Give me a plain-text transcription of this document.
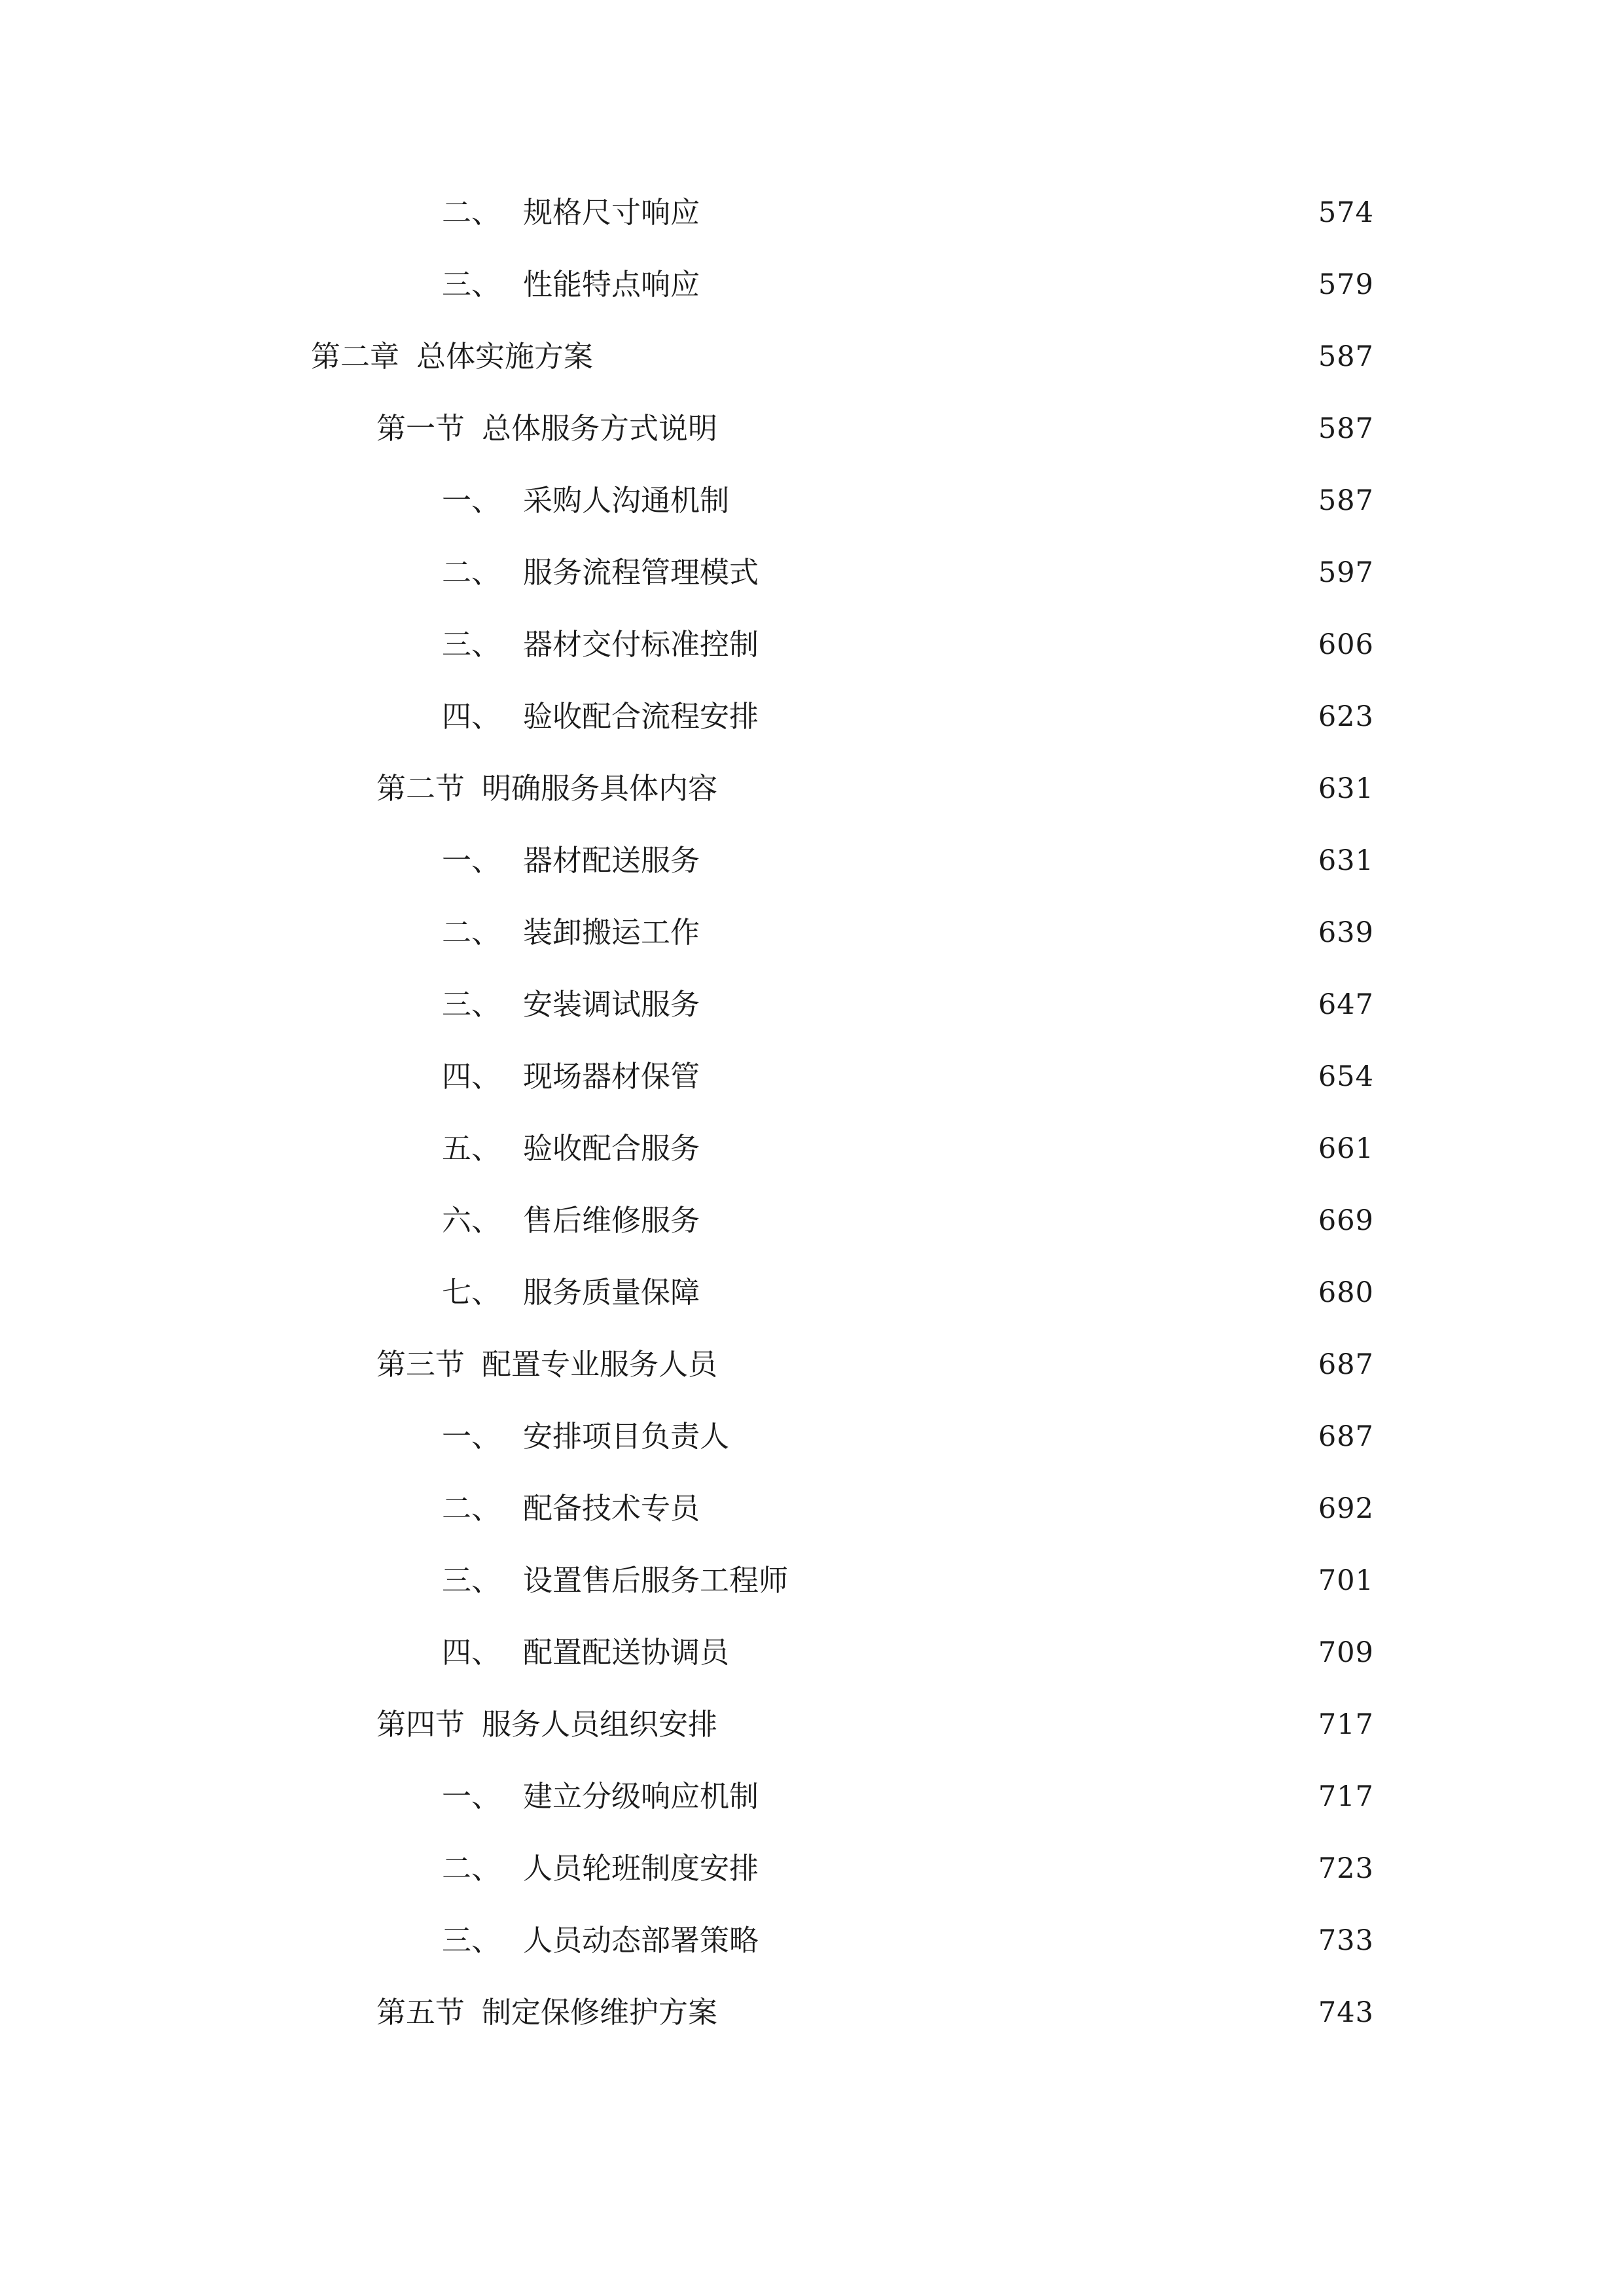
二、 规格尺寸响应	574
三、 性能特点响应	579
第二章 总体实施方案	587
第一节 总体服务方式说明	587
一、 采购人沟通机制	587
二、 服务流程管理模式	597
三、 器材交付标准控制	606
四、 验收配合流程安排	623
第二节 明确服务具体内容	631
一、 器材配送服务	631
二、 装卸搬运工作	639
三、 安装调试服务	647
四、 现场器材保管	654
五、 验收配合服务	661
六、 售后维修服务	669
七、 服务质量保障	680
第三节 配置专业服务人员	687
一、 安排项目负责人	687
二、 配备技术专员	692
三、 设置售后服务工程师	701
四、 配置配送协调员	709
第四节 服务人员组织安排	717
一、 建立分级响应机制	717
二、 人员轮班制度安排	723
三、 人员动态部署策略	733
第五节 制定保修维护方案	743
